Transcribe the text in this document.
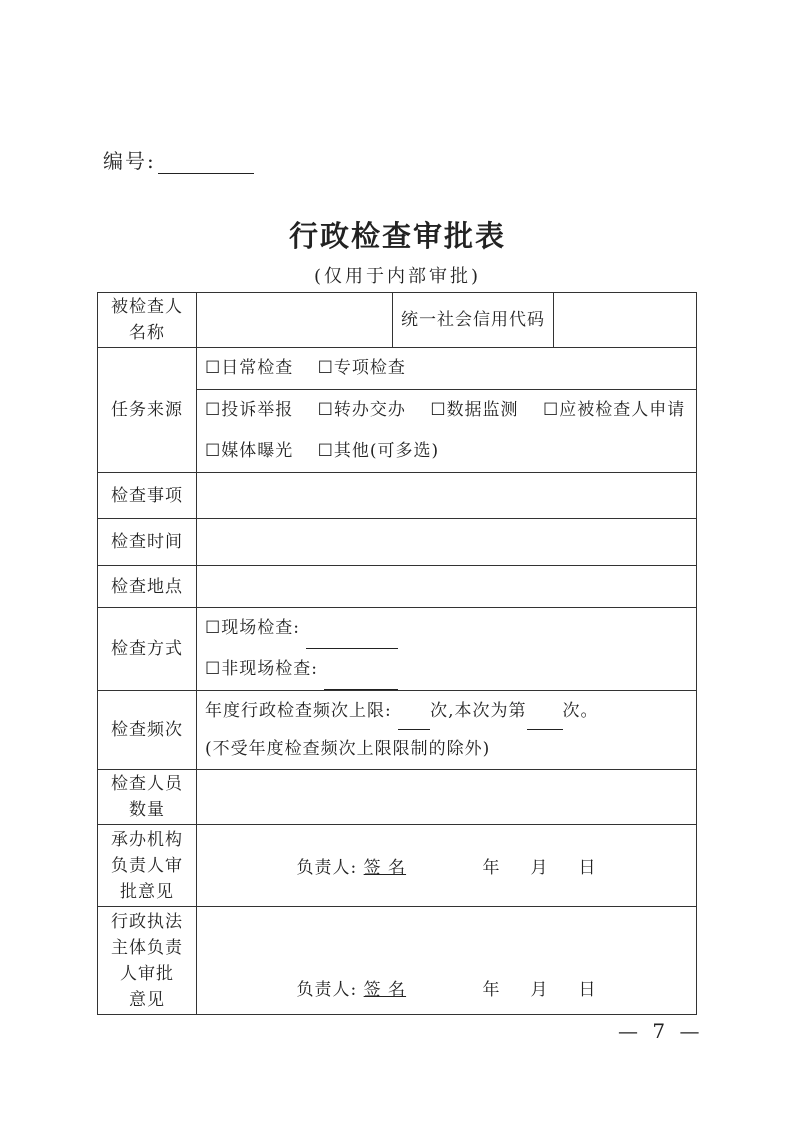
编号:
行政检查审批表
(仅用于内部审批)
被检查人
名称		统一社会信用代码	
任务来源	☐日常检查 ☐专项检查
☐投诉举报 ☐转办交办 ☐数据监测 ☐应被检查人申请
☐媒体曝光 ☐其他(可多选)		

检查事项			
检查时间			
检查地点			
检查方式	☐现场检查:
☐非现场检查:		

检查频次	年度行政检查频次上限: 次,本次为第 次。
(不受年度检查频次上限限制的除外)		

检查人员
数量			
承办机构
负责人审
批意见	负责人: 签 名 年 月 日		
行政执法
主体负责
人审批
意见	负责人: 签 名 年 月 日		
— 7 —
